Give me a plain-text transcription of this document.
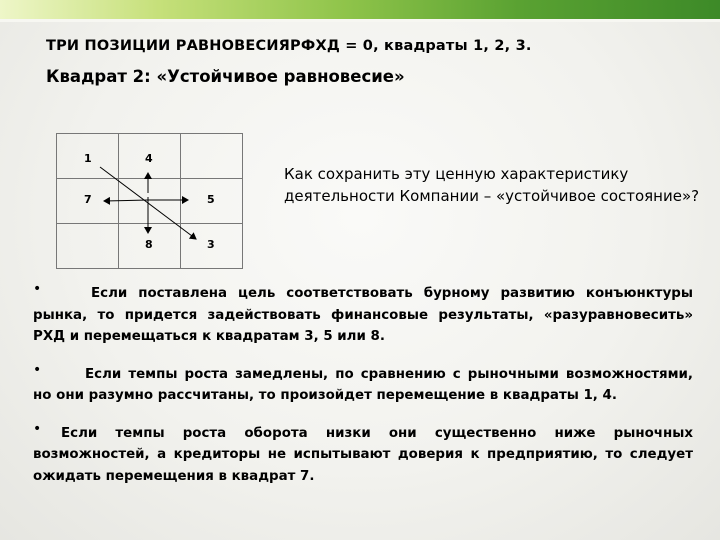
ТРИ ПОЗИЦИИ РАВНОВЕСИЯРФХД = 0, квадраты 1, 2, 3.
Квадрат 2: «Устойчивое равновесие»
1	4	

7		5

	8	3
Как сохранить эту ценную характеристику деятельности Компании – «устойчивое состояние»?
•	Если поставлена цель соответствовать бурному развитию конъюнктуры рынка, то придется задействовать финансовые результаты, «разуравновесить» РХД и перемещаться к квадратам 3, 5 или 8.
•	Если темпы роста замедлены, по сравнению с рыночными возможностями, но они разумно рассчитаны, то произойдет перемещение в квадраты 1, 4.
• Если темпы роста оборота низки они существенно ниже рыночных возможностей, а кредиторы не испытывают доверия к предприятию, то следует ожидать перемещения в квадрат 7.
